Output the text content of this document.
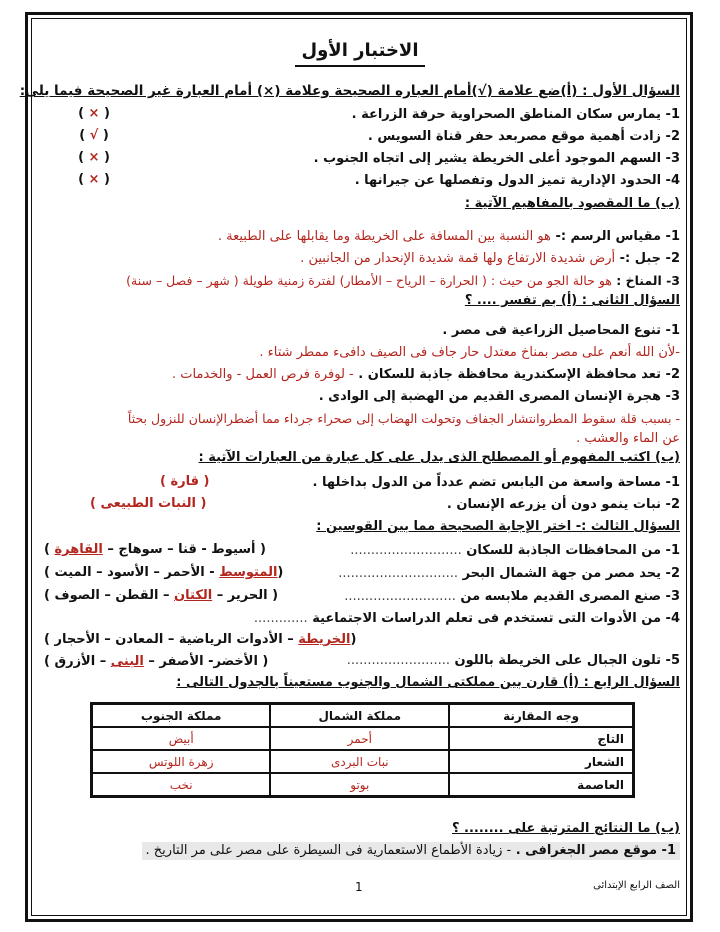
الاختبار الأول
السؤال الأول : (أ)ضع علامة (√)أمام العباره الصحيحة وعلامة (×) أمام العبارة غير الصحيحة فيما يلى:
1- يمارس سكان المناطق الصحراوية حرفة الزراعة .
( × )
2- زادت أهمية موقع مصربعد حفر قناة السويس .
( √ )
3- السهم الموجود أعلى الخريطة يشير إلى اتجاه الجنوب .
( × )
4- الحدود الإدارية تميز الدول وتفصلها عن جيرانها .
( × )
(ب) ما المقصود بالمفاهيم الآتية :
1- مقياس الرسم :- هو النسبة بين المسافة على الخريطة وما يقابلها على الطبيعة .
2- جبل :- أرض شديدة الارتفاع ولها قمة شديدة الإنحدار من الجانبين .
3- المناخ : هو حالة الجو من حيث : ( الحرارة – الرياح – الأمطار) لفترة زمنية طويلة ( شهر – فصل – سنة)
السؤال الثانى : (أ) بم تفسر .... ؟
1- تنوع المحاصيل الزراعية فى مصر .
-لأن الله أنعم على مصر بمناخ معتدل حار جاف فى الصيف دافىء ممطر شتاء .
2- تعد محافظة الإسكندرية محافظة جاذبة للسكان . - لوفرة فرص العمل - والخدمات .
3- هجرة الإنسان المصرى القديم من الهضبة إلى الوادى .
- بسبب قلة سقوط المطروانتشار الجفاف وتحولت الهضاب إلى صحراء جرداء مما أضطرالإنسان للنزول بحثاً
عن الماء والعشب .
(ب) اكتب المفهوم أو المصطلح الذى يدل على كل عبارة من العبارات الآتية :
1- مساحة واسعة من اليابس تضم عدداً من الدول بداخلها .
( قارة )
2- نبات ينمو دون أن يزرعه الإنسان .
( النبات الطبيعى )
السؤال الثالث :- اختر الإجابة الصحيحة مما بين القوسين :
1- من المحافظات الجاذبة للسكان ...........................
( أسيوط - قنا – سوهاج – القاهرة )
2- يحد مصر من جهة الشمال البحر .............................
(المتوسط - الأحمر – الأسود – الميت )
3- صنع المصرى القديم ملابسه من ...........................
( الحرير – الكتان – القطن – الصوف )
4- من الأدوات التى تستخدم فى تعلم الدراسات الاجتماعية .............
(الخريطة – الأدوات الرياضية – المعادن – الأحجار )
5- تلون الجبال على الخريطة باللون .........................
( الأخضر- الأصفر – البنى – الأزرق )
السؤال الرابع : (أ) قارن بين مملكتى الشمال والجنوب مستعيناً بالجدول التالى :
وجه المقارنة	مملكة الشمال	مملكة الجنوب
التاج	أحمر	أبيض
الشعار	نبات البردى	زهرة اللوتس
العاصمة	بوتو	نخب
(ب) ما النتائج المترتبة على ........ ؟
1- موقع مصر الجغرافى . - زيادة الأطماع الاستعمارية فى السيطرة على مصر على مر التاريخ .
1	الصف الرابع الإبتدائى
